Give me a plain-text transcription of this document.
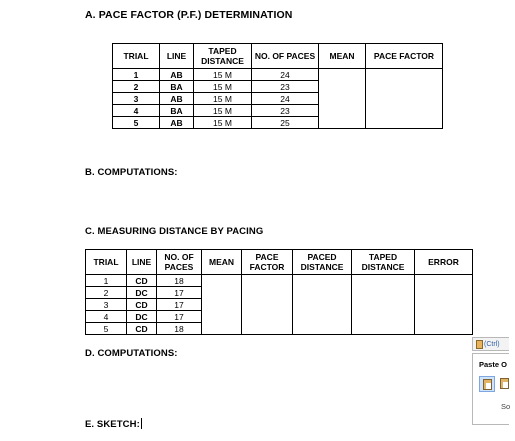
A. PACE FACTOR (P.F.) DETERMINATION
TRIAL	LINE	TAPED DISTANCE	NO. OF PACES	MEAN	PACE FACTOR
1	AB	15 M	24		
2	BA	15 M	23		
3	AB	15 M	24		
4	BA	15 M	23		
5	AB	15 M	25		
B. COMPUTATIONS:
C. MEASURING DISTANCE BY PACING
TRIAL	LINE	NO. OF PACES	MEAN	PACE FACTOR	PACED DISTANCE	TAPED DISTANCE	ERROR
1	CD	18					
2	DC	17					
3	CD	17					
4	DC	17					
5	CD	18					
D. COMPUTATIONS:
E. SKETCH:
$^{(Ctrl)}$
Paste O
So
